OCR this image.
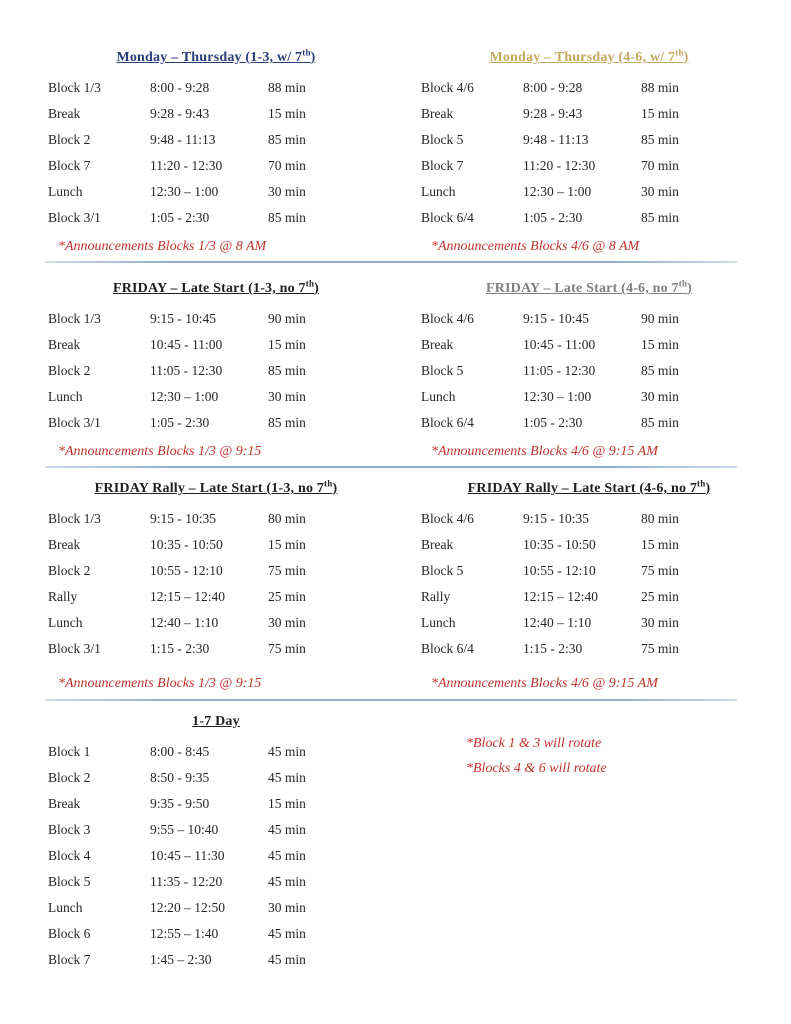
Monday – Thursday (1-3, w/ 7th)
Block 1/3	8:00 - 9:28	88 min
Break	9:28 - 9:43	15 min
Block 2	9:48 - 11:13	85 min
Block 7	11:20 - 12:30	70 min
Lunch	12:30 – 1:00	30 min
Block 3/1	1:05 - 2:30	85 min

*Announcements Blocks 1/3 @ 8 AM

Monday – Thursday (4-6, w/ 7th)
Block 4/6	8:00 - 9:28	88 min
Break	9:28 - 9:43	15 min
Block 5	9:48 - 11:13	85 min
Block 7	11:20 - 12:30	70 min
Lunch	12:30 – 1:00	30 min
Block 6/4	1:05 - 2:30	85 min

*Announcements Blocks 4/6 @ 8 AM

FRIDAY – Late Start (1-3, no 7th)
Block 1/3	9:15 - 10:45	90 min
Break	10:45 - 11:00	15 min
Block 2	11:05 - 12:30	85 min
Lunch	12:30 – 1:00	30 min
Block 3/1	1:05 - 2:30	85 min

*Announcements Blocks 1/3 @ 9:15

FRIDAY – Late Start (4-6, no 7th)
Block 4/6	9:15 - 10:45	90 min
Break	10:45 - 11:00	15 min
Block 5	11:05 - 12:30	85 min
Lunch	12:30 – 1:00	30 min
Block 6/4	1:05 - 2:30	85 min

*Announcements Blocks 4/6 @ 9:15 AM

FRIDAY Rally – Late Start (1-3, no 7th)
Block 1/3	9:15 - 10:35	80 min
Break	10:35 - 10:50	15 min
Block 2	10:55 - 12:10	75 min
Rally	12:15 – 12:40	25 min
Lunch	12:40 – 1:10	30 min
Block 3/1	1:15 - 2:30	75 min

*Announcements Blocks 1/3 @ 9:15

FRIDAY Rally – Late Start (4-6, no 7th)
Block 4/6	9:15 - 10:35	80 min
Break	10:35 - 10:50	15 min
Block 5	10:55 - 12:10	75 min
Rally	12:15 – 12:40	25 min
Lunch	12:40 – 1:10	30 min
Block 6/4	1:15 - 2:30	75 min

*Announcements Blocks 4/6 @ 9:15 AM

1-7 Day
Block 1	8:00 - 8:45	45 min
Block 2	8:50 - 9:35	45 min
Break	9:35 - 9:50	15 min
Block 3	9:55 – 10:40	45 min
Block 4	10:45 – 11:30	45 min
Block 5	11:35 - 12:20	45 min
Lunch	12:20 – 12:50	30 min
Block 6	12:55 – 1:40	45 min
Block 7	1:45 – 2:30	45 min

*Block 1 & 3 will rotate

*Blocks 4 & 6 will rotate
